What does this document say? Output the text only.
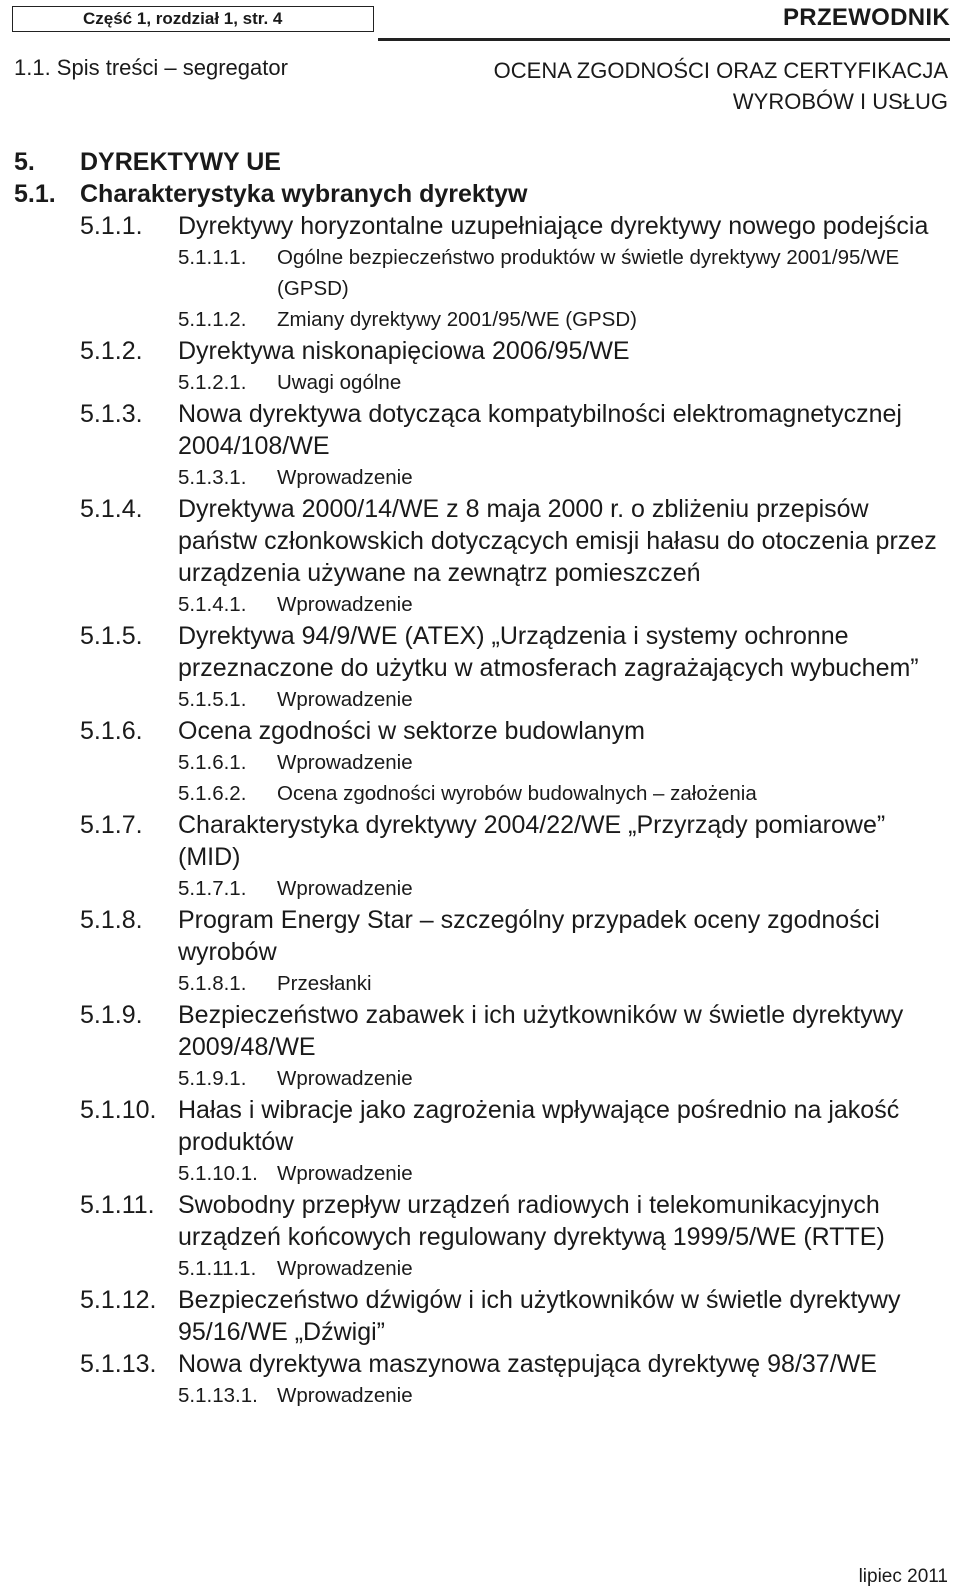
Część 1, rozdział 1, str. 4	PRZEWODNIK
1.1. Spis treści – segregator	OCENA ZGODNOŚCI ORAZ CERTYFIKACJA
WYROBÓW I USŁUG
5. DYREKTYWY UE
5.1. Charakterystyka wybranych dyrektyw
5.1.1. Dyrektywy horyzontalne uzupełniające dyrektywy nowego podejścia
5.1.1.1. Ogólne bezpieczeństwo produktów w świetle dyrektywy 2001/95/WE (GPSD)
5.1.1.2. Zmiany dyrektywy 2001/95/WE (GPSD)
5.1.2. Dyrektywa niskonapięciowa 2006/95/WE
5.1.2.1. Uwagi ogólne
5.1.3. Nowa dyrektywa dotycząca kompatybilności elektromagnetycznej 2004/108/WE
5.1.3.1. Wprowadzenie
5.1.4. Dyrektywa 2000/14/WE z 8 maja 2000 r. o zbliżeniu przepisów państw członkowskich dotyczących emisji hałasu do otoczenia przez urządzenia używane na zewnątrz pomieszczeń
5.1.4.1. Wprowadzenie
5.1.5. Dyrektywa 94/9/WE (ATEX) „Urządzenia i systemy ochronne przeznaczone do użytku w atmosferach zagrażających wybuchem”
5.1.5.1. Wprowadzenie
5.1.6. Ocena zgodności w sektorze budowlanym
5.1.6.1. Wprowadzenie
5.1.6.2. Ocena zgodności wyrobów budowalnych – założenia
5.1.7. Charakterystyka dyrektywy 2004/22/WE „Przyrządy pomiarowe” (MID)
5.1.7.1. Wprowadzenie
5.1.8. Program Energy Star – szczególny przypadek oceny zgodności wyrobów
5.1.8.1. Przesłanki
5.1.9. Bezpieczeństwo zabawek i ich użytkowników w świetle dyrektywy 2009/48/WE
5.1.9.1. Wprowadzenie
5.1.10. Hałas i wibracje jako zagrożenia wpływające pośrednio na jakość produktów
5.1.10.1. Wprowadzenie
5.1.11. Swobodny przepływ urządzeń radiowych i telekomunikacyjnych urządzeń końcowych regulowany dyrektywą 1999/5/WE (RTTE)
5.1.11.1. Wprowadzenie
5.1.12. Bezpieczeństwo dźwigów i ich użytkowników w świetle dyrektywy 95/16/WE „Dźwigi”
5.1.13. Nowa dyrektywa maszynowa zastępująca dyrektywę 98/37/WE
5.1.13.1. Wprowadzenie
lipiec 2011
